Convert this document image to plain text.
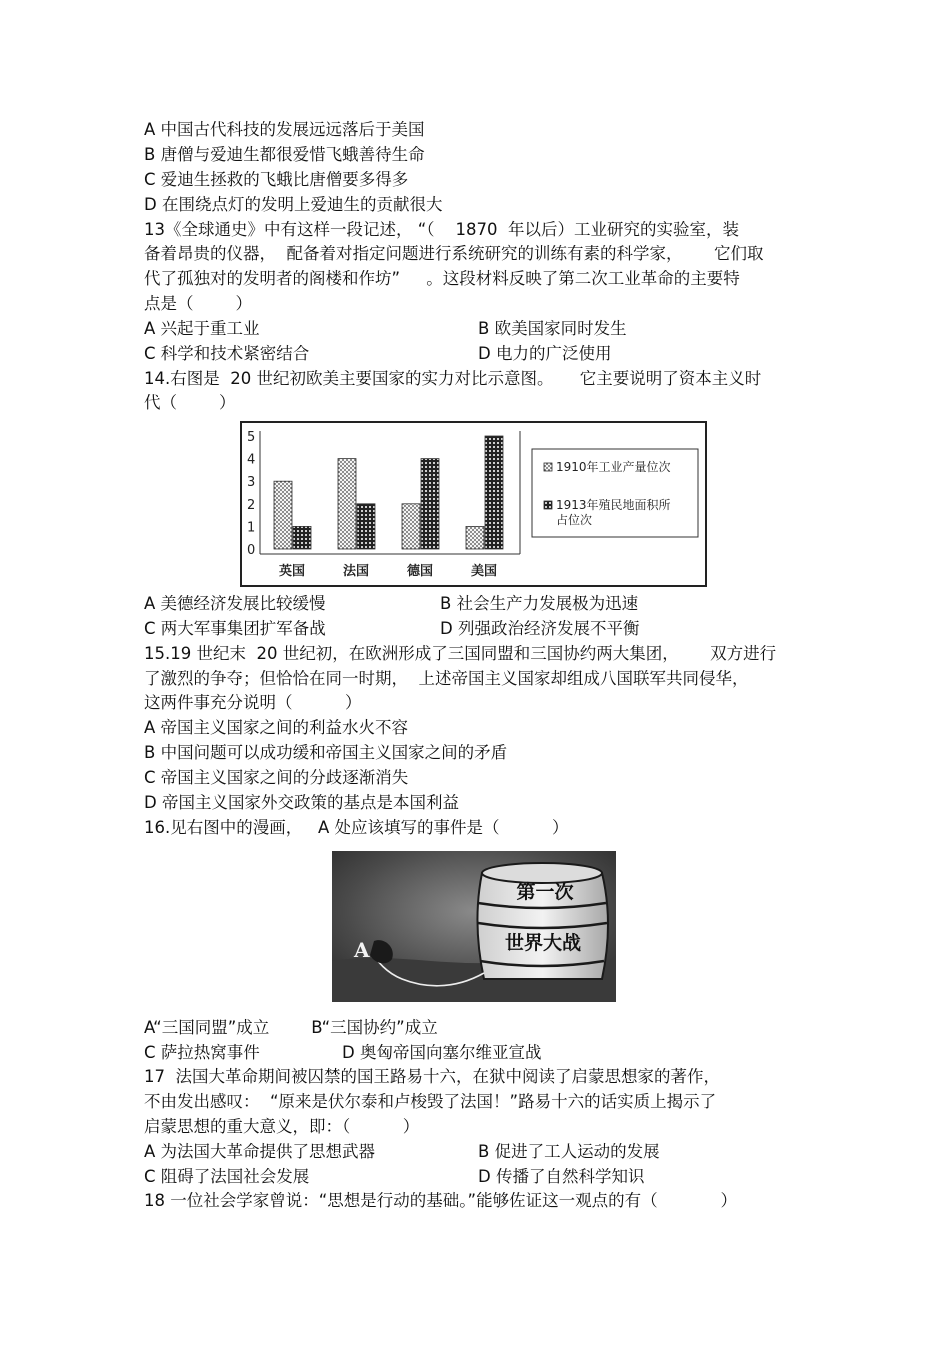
A 中国古代科技的发展远远落后于美国
B 唐僧与爱迪生都很爱惜飞蛾善待生命
C 爱迪生拯救的飞蛾比唐僧要多得多
D 在围绕点灯的发明上爱迪生的贡献很大
13《全球通史》中有这样一段记述， “（    1870  年以后）工业研究的实验室，装
备着昂贵的仪器，  配备着对指定问题进行系统研究的训练有素的科学家，      它们取
代了孤独对的发明者的阁楼和作坊”     。这段材料反映了第二次工业革命的主要特
点是（        ）
A 兴起于重工业	B 欧美国家同时发生
C 科学和技术紧密结合	D 电力的广泛使用
14.右图是  20 世纪初欧美主要国家的实力对比示意图。     它主要说明了资本主义时
代（        ）
0
1
2
3
4
5
英国	法国	德国	美国
1910年工业产量位次
1913年殖民地面积所
占位次
A 美德经济发展比较缓慢	B 社会生产力发展极为迅速
C 两大军事集团扩军备战	D 列强政治经济发展不平衡
15.19 世纪末  20 世纪初，在欧洲形成了三国同盟和三国协约两大集团，      双方进行
了激烈的争夺；但恰恰在同一时期，  上述帝国主义国家却组成八国联军共同侵华，
这两件事充分说明（          ）
A 帝国主义国家之间的利益水火不容
B 中国问题可以成功缓和帝国主义国家之间的矛盾
C 帝国主义国家之间的分歧逐渐消失
D 帝国主义国家外交政策的基点是本国利益
16.见右图中的漫画，   A 处应该填写的事件是（          ）
第一次
世界大战
A
A“三国同盟”成立        B“三国协约”成立
C 萨拉热窝事件	D 奥匈帝国向塞尔维亚宣战
17  法国大革命期间被囚禁的国王路易十六，在狱中阅读了启蒙思想家的著作，
不由发出感叹：  “原来是伏尔泰和卢梭毁了法国！”路易十六的话实质上揭示了
启蒙思想的重大意义，即：（          ）
A 为法国大革命提供了思想武器	B 促进了工人运动的发展
C 阻碍了法国社会发展	D 传播了自然科学知识
18 一位社会学家曾说：“思想是行动的基础。”能够佐证这一观点的有（            ）
